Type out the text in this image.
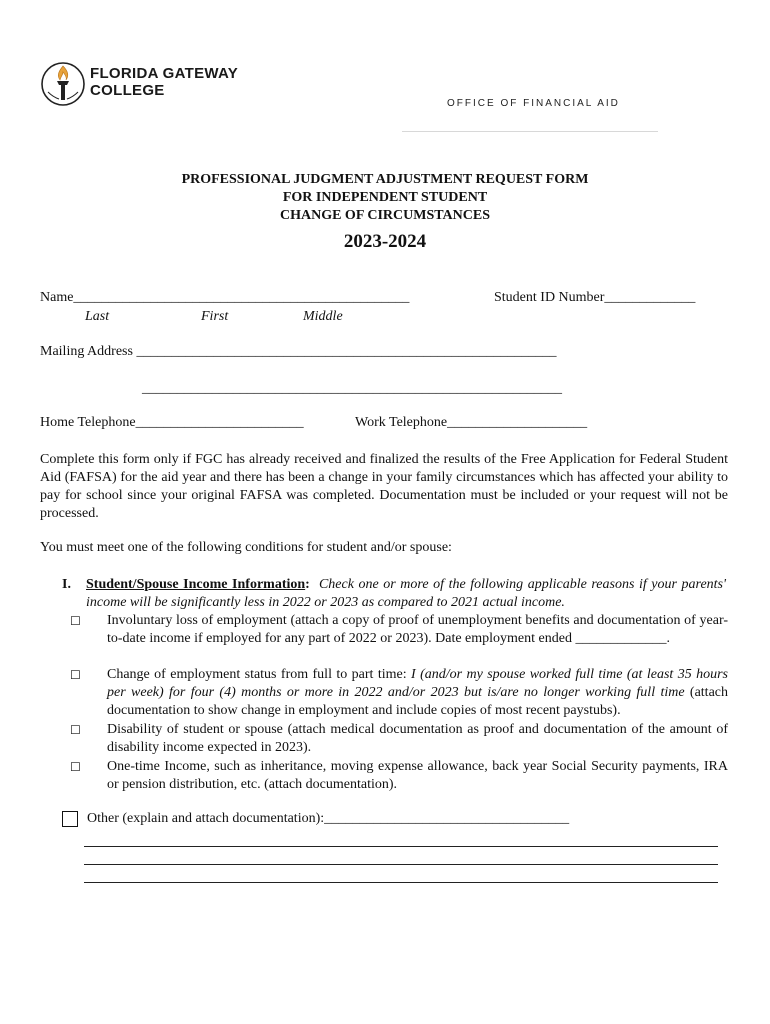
FLORIDA GATEWAY
COLLEGE
OFFICE OF FINANCIAL AID
PROFESSIONAL JUDGMENT ADJUSTMENT REQUEST FORM
FOR INDEPENDENT STUDENT
CHANGE OF CIRCUMSTANCES
2023-2024
Name________________________________________________	Student ID Number_____________
Last	First	Middle
Mailing Address ____________________________________________________________
____________________________________________________________
Home Telephone________________________	Work Telephone____________________
Complete this form only if FGC has already received and finalized the results of the Free Application for Federal Student Aid (FAFSA) for the aid year and there has been a change in your family circumstances which has affected your ability to pay for school since your original FAFSA was completed. Documentation must be included or your request will not be processed.
You must meet one of the following conditions for student and/or spouse:
I. Student/Spouse Income Information: Check one or more of the following applicable reasons if your parents' income will be significantly less in 2022 or 2023 as compared to 2021 actual income.
☐ Involuntary loss of employment (attach a copy of proof of unemployment benefits and documentation of year-to-date income if employed for any part of 2022 or 2023). Date employment ended _____________.
☐ Change of employment status from full to part time: I (and/or my spouse worked full time (at least 35 hours per week) for four (4) months or more in 2022 and/or 2023 but is/are no longer working full time (attach documentation to show change in employment and include copies of most recent paystubs).
☐ Disability of student or spouse (attach medical documentation as proof and documentation of the amount of disability income expected in 2023).
☐ One-time Income, such as inheritance, moving expense allowance, back year Social Security payments, IRA or pension distribution, etc. (attach documentation).
Other (explain and attach documentation):___________________________________
